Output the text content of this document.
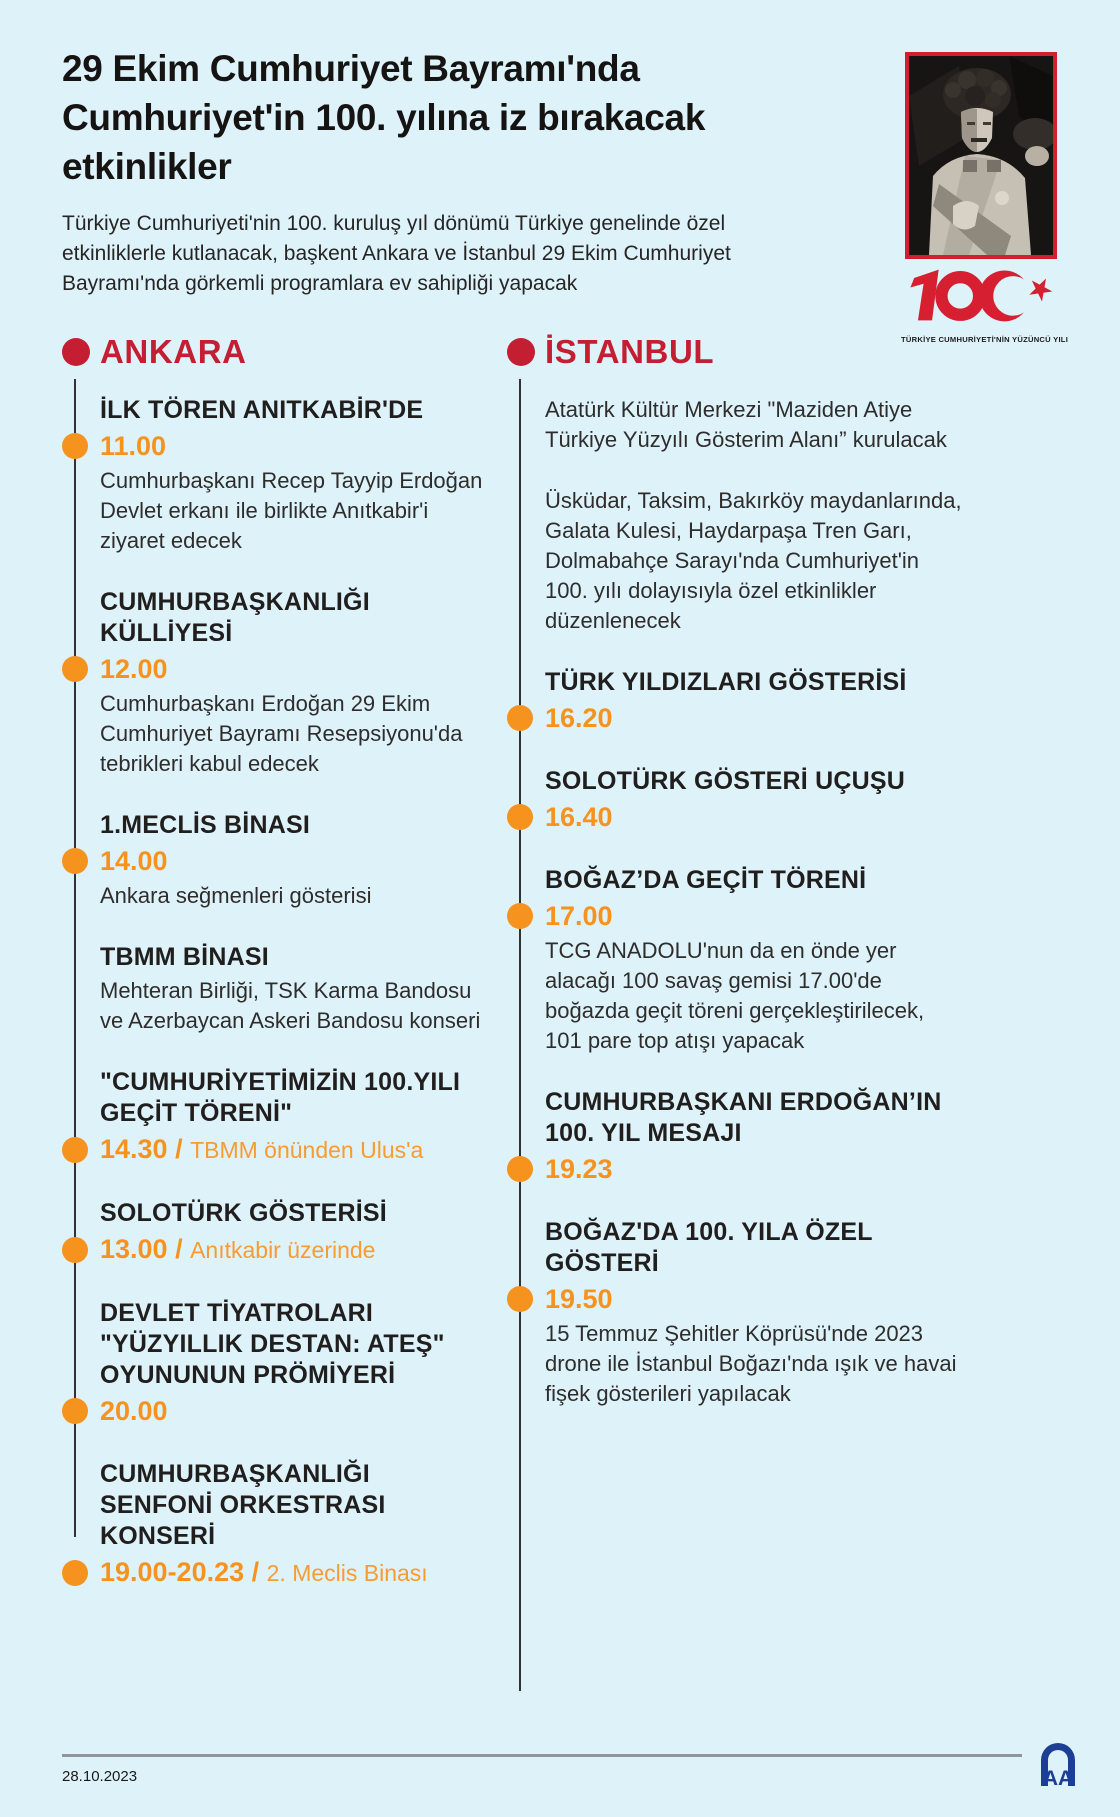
29 Ekim Cumhuriyet Bayramı'nda Cumhuriyet'in 100. yılına iz bırakacak etkinlikler

Türkiye Cumhuriyeti'nin 100. kuruluş yıl dönümü Türkiye genelinde özel etkinliklerle kutlanacak, başkent Ankara ve İstanbul 29 Ekim Cumhuriyet Bayramı'nda görkemli programlara ev sahipliği yapacak

TÜRKİYE CUMHURİYETİ'NİN YÜZÜNCÜ YILI
ANKARA
İLK TÖREN ANITKABİR'DE
11.00
Cumhurbaşkanı Recep Tayyip Erdoğan Devlet erkanı ile birlikte Anıtkabir'i ziyaret edecek
CUMHURBAŞKANLIĞI KÜLLİYESİ
12.00
Cumhurbaşkanı Erdoğan 29 Ekim Cumhuriyet Bayramı Resepsiyonu'da tebrikleri kabul edecek
1.MECLİS BİNASI
14.00
Ankara seğmenleri gösterisi
TBMM BİNASI
Mehteran Birliği, TSK Karma Bandosu ve Azerbaycan Askeri Bandosu konseri
"CUMHURİYETİMİZİN 100.YILI GEÇİT TÖRENİ"
14.30 / TBMM önünden Ulus'a
SOLOTÜRK GÖSTERİSİ
13.00 / Anıtkabir üzerinde
DEVLET TİYATROLARI "YÜZYILLIK DESTAN: ATEŞ" OYUNUNUN PRÖMİYERİ
20.00
CUMHURBAŞKANLIĞI SENFONİ ORKESTRASI KONSERİ
19.00-20.23 / 2. Meclis Binası
İSTANBUL
Atatürk Kültür Merkezi "Maziden Atiye Türkiye Yüzyılı Gösterim Alanı” kurulacak
Üsküdar, Taksim, Bakırköy maydanlarında, Galata Kulesi, Haydarpaşa Tren Garı, Dolmabahçe Sarayı'nda Cumhuriyet'in 100. yılı dolayısıyla özel etkinlikler düzenlenecek
TÜRK YILDIZLARI GÖSTERİSİ
16.20
SOLOTÜRK GÖSTERİ UÇUŞU
16.40
BOĞAZ’DA GEÇİT TÖRENİ
17.00
TCG ANADOLU'nun da en önde yer alacağı 100 savaş gemisi 17.00'de boğazda geçit töreni gerçekleştirilecek, 101 pare top atışı yapacak
CUMHURBAŞKANI ERDOĞAN’IN 100. YIL MESAJI
19.23
BOĞAZ'DA 100. YILA ÖZEL GÖSTERİ
19.50
15 Temmuz Şehitler Köprüsü'nde 2023 drone ile İstanbul Boğazı'nda ışık ve havai fişek gösterileri yapılacak
28.10.2023	AA
